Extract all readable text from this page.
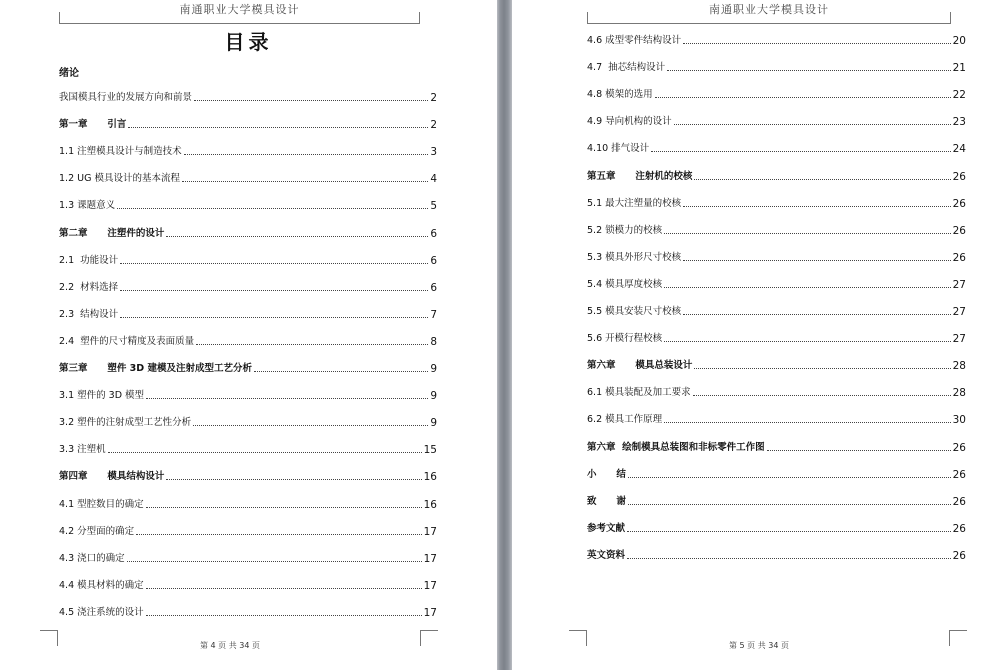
南通职业大学模具设计
目录
第 4 页 共 34 页
南通职业大学模具设计
第 5 页 共 34 页
绪论
我国模具行业的发展方向和前景	2
第一章      引言	2
1.1 注塑模具设计与制造技术	3
1.2 UG 模具设计的基本流程	4
1.3 课题意义	5
第二章      注塑件的设计	6
2.1  功能设计	6
2.2  材料选择	6
2.3  结构设计	7
2.4  塑件的尺寸精度及表面质量	8
第三章      塑件 3D 建模及注射成型工艺分析	9
3.1 塑件的 3D 模型	9
3.2 塑件的注射成型工艺性分析	9
3.3 注塑机	15
第四章      模具结构设计	16
4.1 型腔数目的确定	16
4.2 分型面的确定	17
4.3 浇口的确定	17
4.4 模具材料的确定	17
4.5 浇注系统的设计	17
4.6 成型零件结构设计	20
4.7  抽芯结构设计	21
4.8 模架的选用	22
4.9 导向机构的设计	23
4.10 排气设计	24
第五章      注射机的校核	26
5.1 最大注塑量的校核	26
5.2 锁模力的校核	26
5.3 模具外形尺寸校核	26
5.4 模具厚度校核	27
5.5 模具安装尺寸校核	27
5.6 开模行程校核	27
第六章      模具总装设计	28
6.1 模具装配及加工要求	28
6.2 模具工作原理	30
第六章  绘制模具总装图和非标零件工作图	26
小      结	26
致      谢	26
参考文献	26
英文资料	26
